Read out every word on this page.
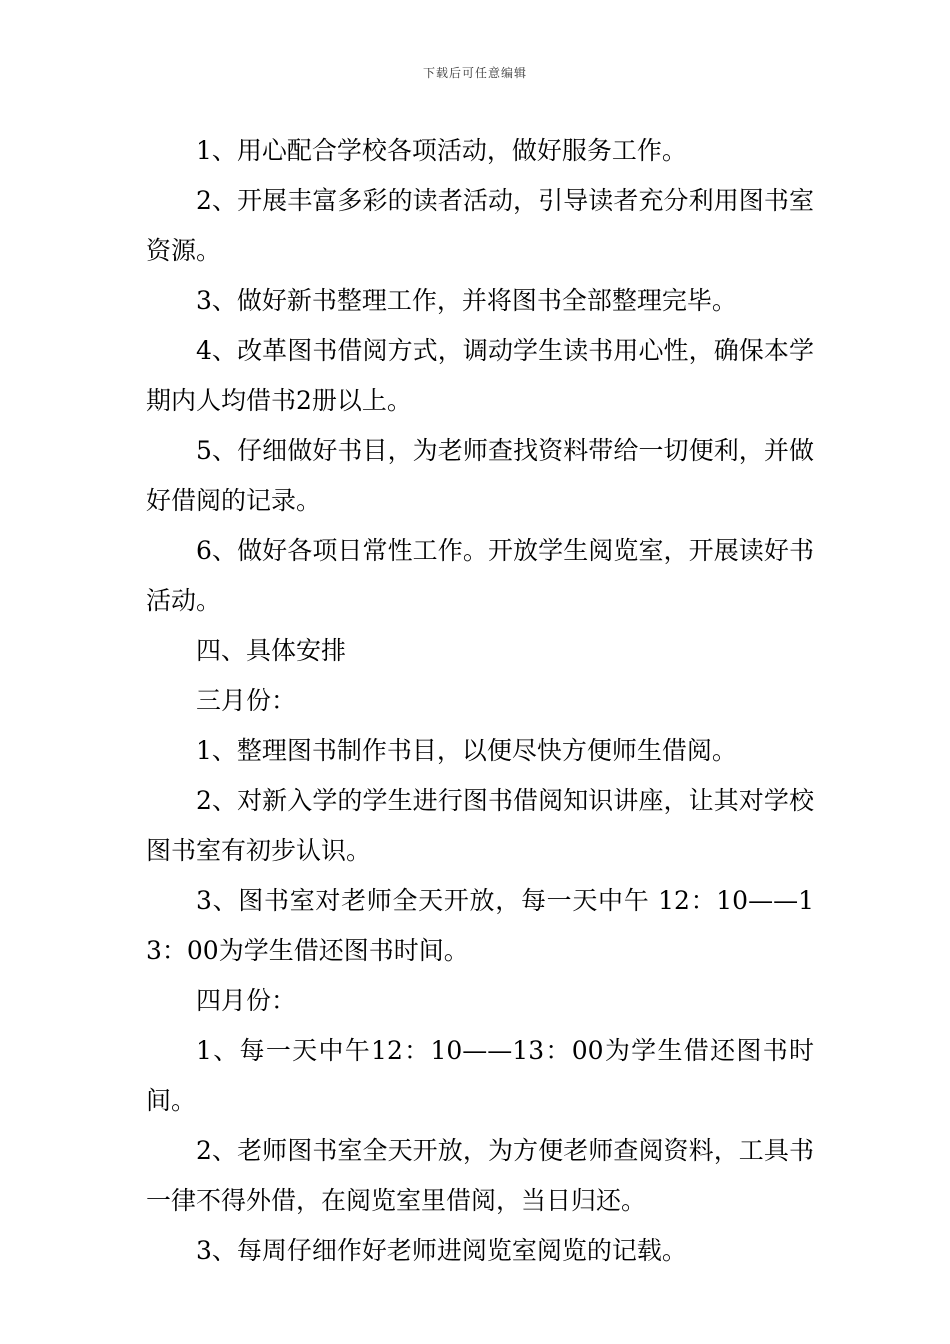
下载后可任意编辑

1、用心配合学校各项活动，做好服务工作。

2、开展丰富多彩的读者活动，引导读者充分利用图书室资源。

3、做好新书整理工作，并将图书全部整理完毕。

4、改革图书借阅方式，调动学生读书用心性，确保本学期内人均借书2册以上。

5、仔细做好书目，为老师查找资料带给一切便利，并做好借阅的记录。

6、做好各项日常性工作。开放学生阅览室，开展读好书活动。

四、具体安排

三月份：

1、整理图书制作书目，以便尽快方便师生借阅。

2、对新入学的学生进行图书借阅知识讲座，让其对学校图书室有初步认识。

3、图书室对老师全天开放，每一天中午 12：10——13：00为学生借还图书时间。

四月份：

1、每一天中午12：10——13：00为学生借还图书时间。

2、老师图书室全天开放，为方便老师查阅资料，工具书一律不得外借，在阅览室里借阅，当日归还。

3、每周仔细作好老师进阅览室阅览的记载。
